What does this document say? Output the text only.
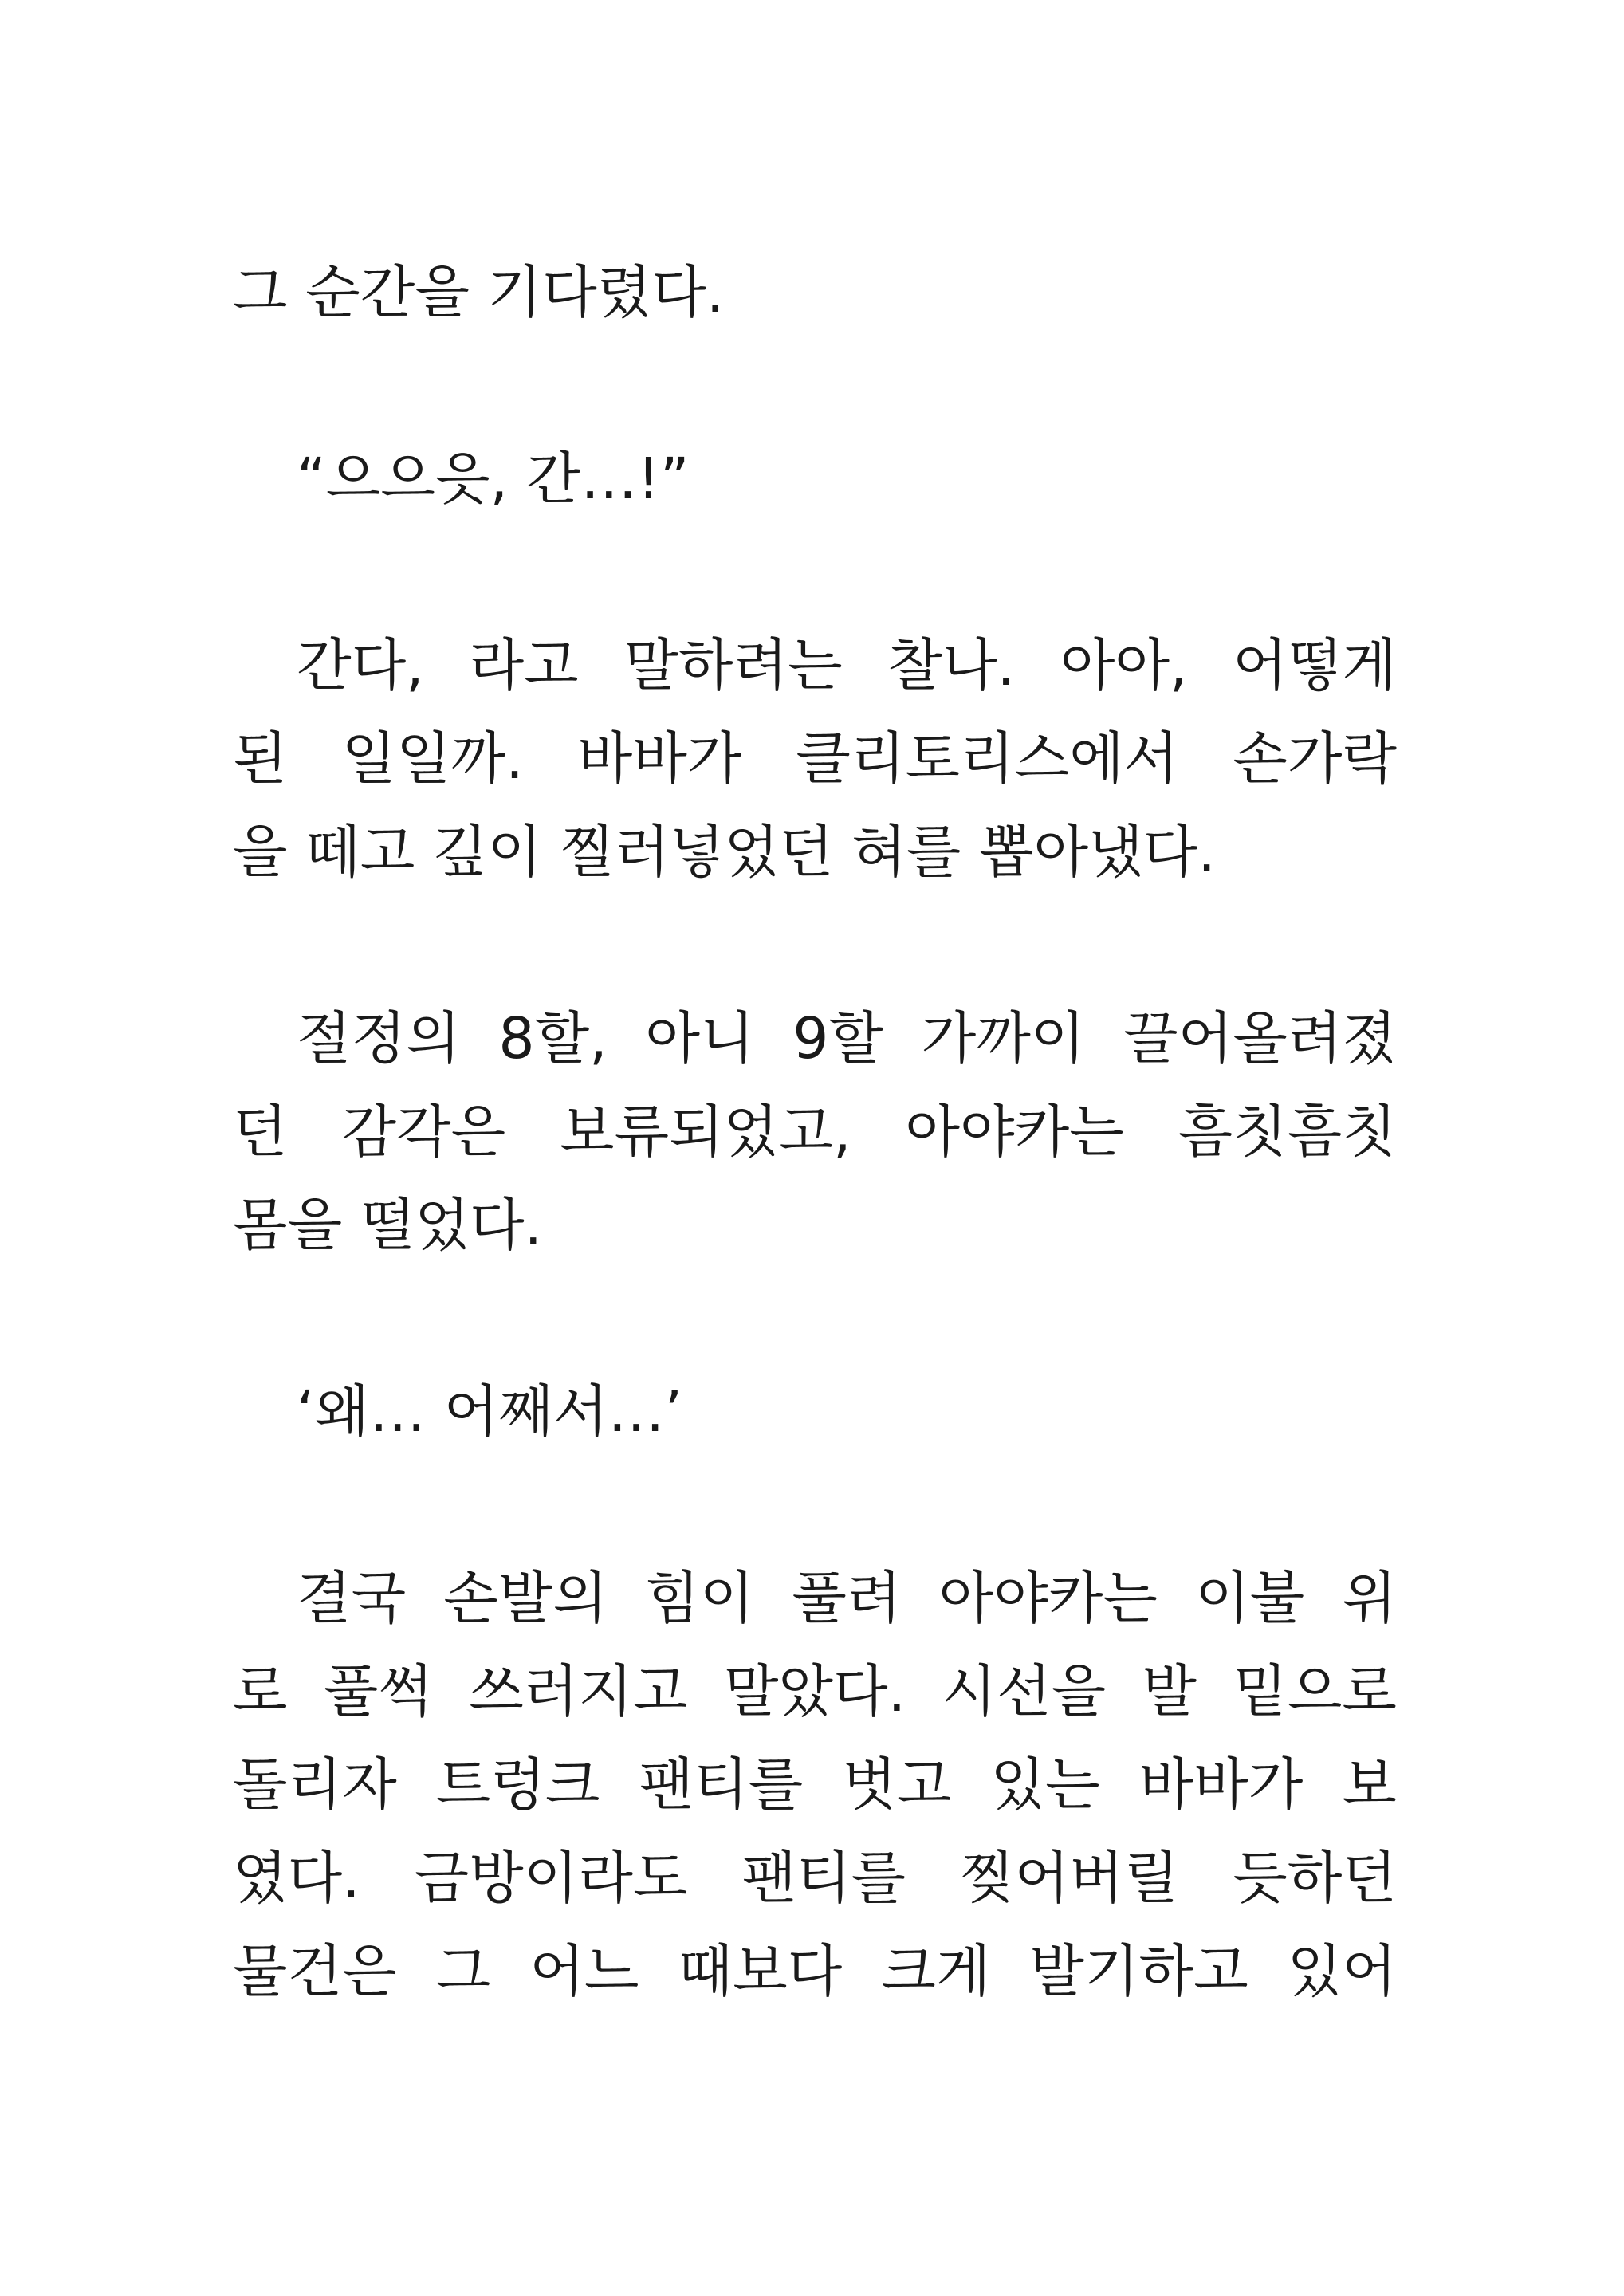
그 순간을 기다렸다.
“으으읏, 간…!”
간다, 라고 말하려는 찰나. 아아, 어떻게
된 일일까. 바바가 클리토리스에서 손가락
을 떼고 깊이 찔러넣었던 혀를 뽑아냈다.
절정의 8할, 아니 9할 가까이 끌어올려졌
던 감각은 보류되었고, 아야카는 흠칫흠칫
몸을 떨었다.
‘왜… 어째서…’
결국 손발의 힘이 풀려 아야카는 이불 위
로 풀썩 쓰러지고 말았다. 시선을 발 밑으로
돌리자 트렁크 팬티를 벗고 있는 바바가 보
였다. 금방이라도 팬티를 찢어버릴 듯하던
물건은 그 어느 때보다 크게 발기하고 있어
